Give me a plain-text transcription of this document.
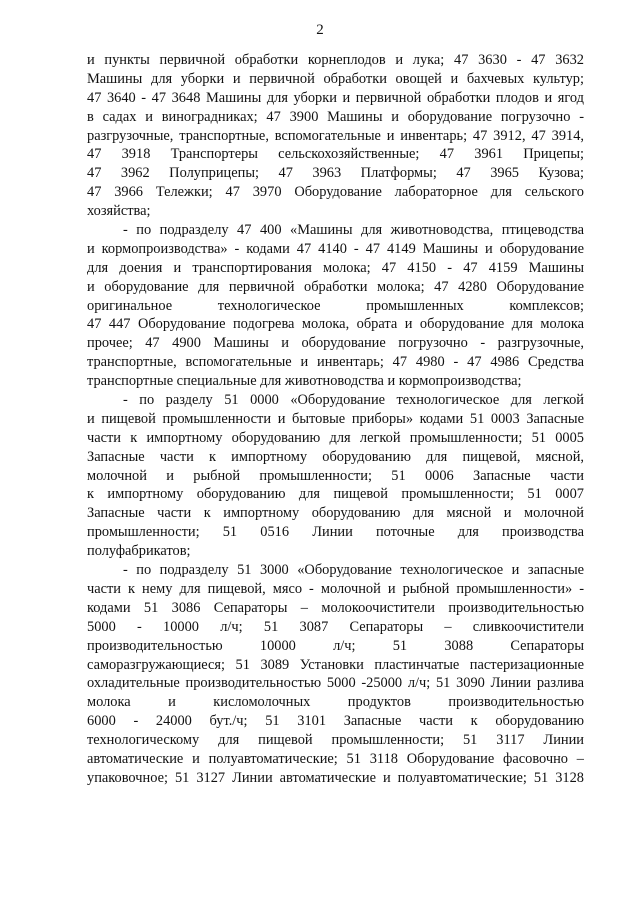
2
и пункты первичной обработки корнеплодов и лука; 47 3630 - 47 3632
Машины для уборки и первичной обработки овощей и бахчевых культур;
47 3640 - 47 3648 Машины для уборки и первичной обработки плодов и ягод
в садах и виноградниках; 47 3900 Машины и оборудование погрузочно -
разгрузочные, транспортные, вспомогательные и инвентарь; 47 3912, 47 3914,
47 3918 Транспортеры сельскохозяйственные; 47 3961 Прицепы;
47 3962 Полуприцепы; 47 3963 Платформы; 47 3965 Кузова;
47 3966 Тележки; 47 3970 Оборудование лабораторное для сельского
хозяйства;
- по подразделу 47 400 «Машины для животноводства, птицеводства
и кормопроизводства» - кодами 47 4140 - 47 4149 Машины и оборудование
для доения и транспортирования молока; 47 4150 - 47 4159 Машины
и оборудование для первичной обработки молока; 47 4280 Оборудование
оригинальное технологическое промышленных комплексов;
47 447 Оборудование подогрева молока, обрата и оборудование для молока
прочее; 47 4900 Машины и оборудование погрузочно - разгрузочные,
транспортные, вспомогательные и инвентарь; 47 4980 - 47 4986 Средства
транспортные специальные для животноводства и кормопроизводства;
- по разделу 51 0000 «Оборудование технологическое для легкой
и пищевой промышленности и бытовые приборы» кодами 51 0003 Запасные
части к импортному оборудованию для легкой промышленности; 51 0005
Запасные части к импортному оборудованию для пищевой, мясной,
молочной и рыбной промышленности; 51 0006 Запасные части
к импортному оборудованию для пищевой промышленности; 51 0007
Запасные части к импортному оборудованию для мясной и молочной
промышленности; 51 0516 Линии поточные для производства
полуфабрикатов;
- по подразделу 51 3000 «Оборудование технологическое и запасные
части к нему для пищевой, мясо - молочной и рыбной промышленности» -
кодами 51 3086 Сепараторы – молокоочистители производительностью
5000 - 10000 л/ч; 51 3087 Сепараторы – сливкоочистители
производительностью 10000 л/ч; 51 3088 Сепараторы
саморазгружающиеся; 51 3089 Установки пластинчатые пастеризационные
охладительные производительностью 5000 -25000 л/ч; 51 3090 Линии разлива
молока и кисломолочных продуктов производительностью
6000 - 24000 бут./ч; 51 3101 Запасные части к оборудованию
технологическому для пищевой промышленности; 51 3117 Линии
автоматические и полуавтоматические; 51 3118 Оборудование фасовочно –
упаковочное; 51 3127 Линии автоматические и полуавтоматические; 51 3128
